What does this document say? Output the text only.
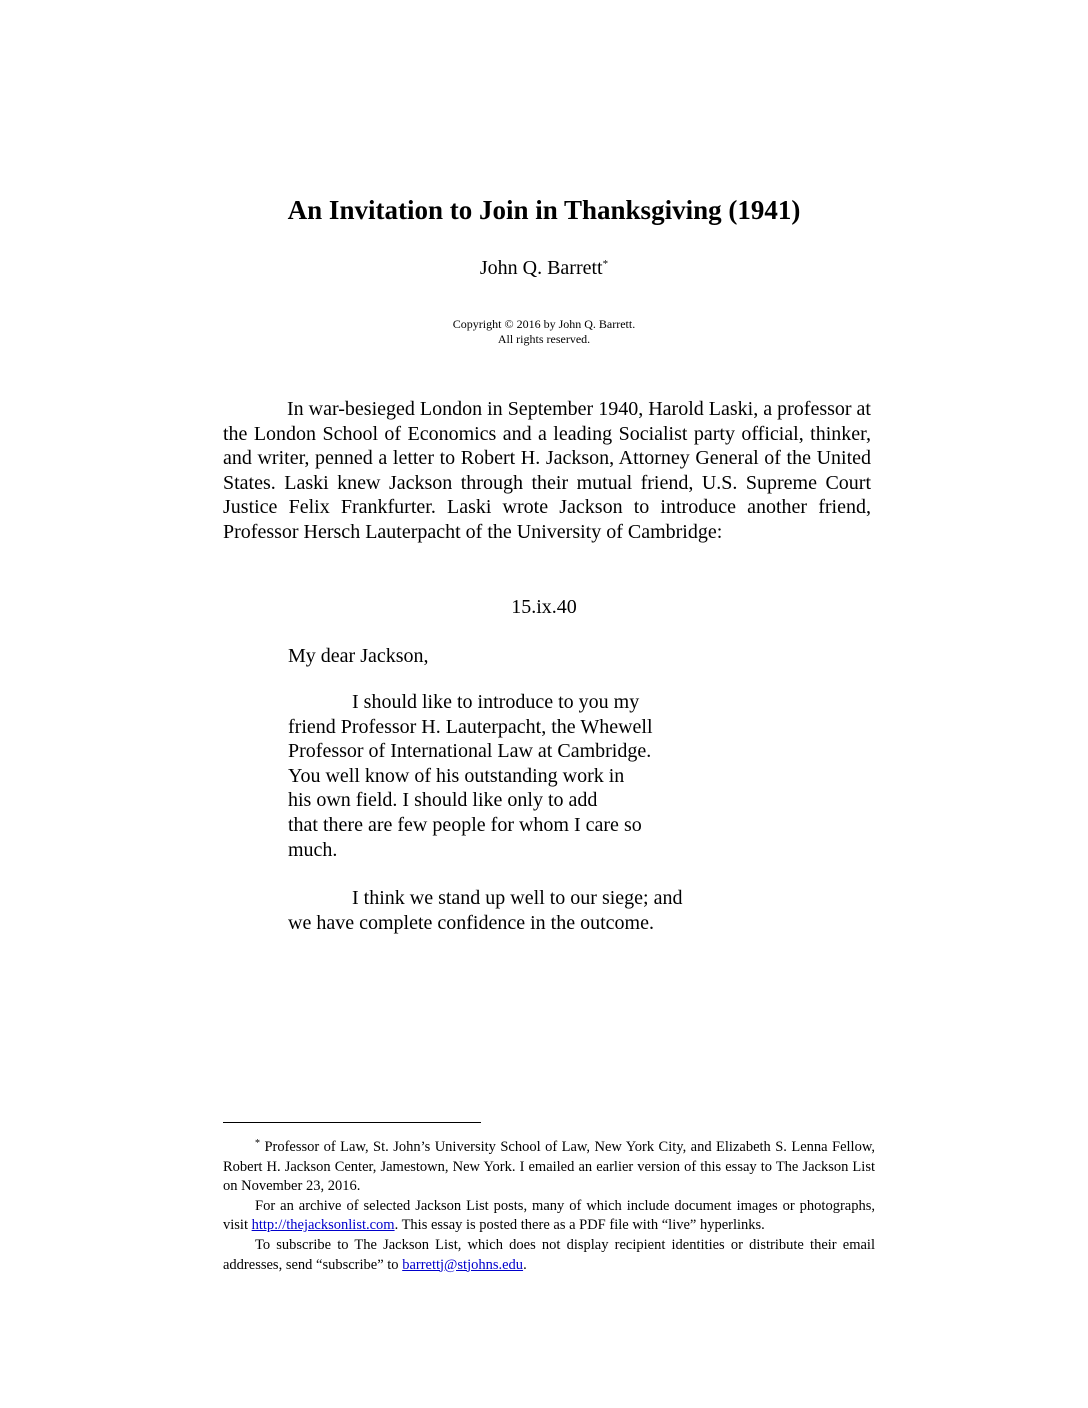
An Invitation to Join in Thanksgiving (1941)
John Q. Barrett*
Copyright © 2016 by John Q. Barrett.
All rights reserved.

In war-besieged London in September 1940, Harold Laski, a professor at the London School of Economics and a leading Socialist party official, thinker, and writer, penned a letter to Robert H. Jackson, Attorney General of the United States. Laski knew Jackson through their mutual friend, U.S. Supreme Court Justice Felix Frankfurter. Laski wrote Jackson to introduce another friend, Professor Hersch Lauterpacht of the University of Cambridge:

15.ix.40
My dear Jackson,
I should like to introduce to you my
friend Professor H. Lauterpacht, the Whewell
Professor of International Law at Cambridge.
You well know of his outstanding work in
his own field. I should like only to add
that there are few people for whom I care so
much.
I think we stand up well to our siege; and
we have complete confidence in the outcome.

* Professor of Law, St. John’s University School of Law, New York City, and Elizabeth S. Lenna Fellow, Robert H. Jackson Center, Jamestown, New York. I emailed an earlier version of this essay to The Jackson List on November 23, 2016.

For an archive of selected Jackson List posts, many of which include document images or photographs, visit http://thejacksonlist.com. This essay is posted there as a PDF file with “live” hyperlinks.

To subscribe to The Jackson List, which does not display recipient identities or distribute their email addresses, send “subscribe” to barrettj@stjohns.edu.
